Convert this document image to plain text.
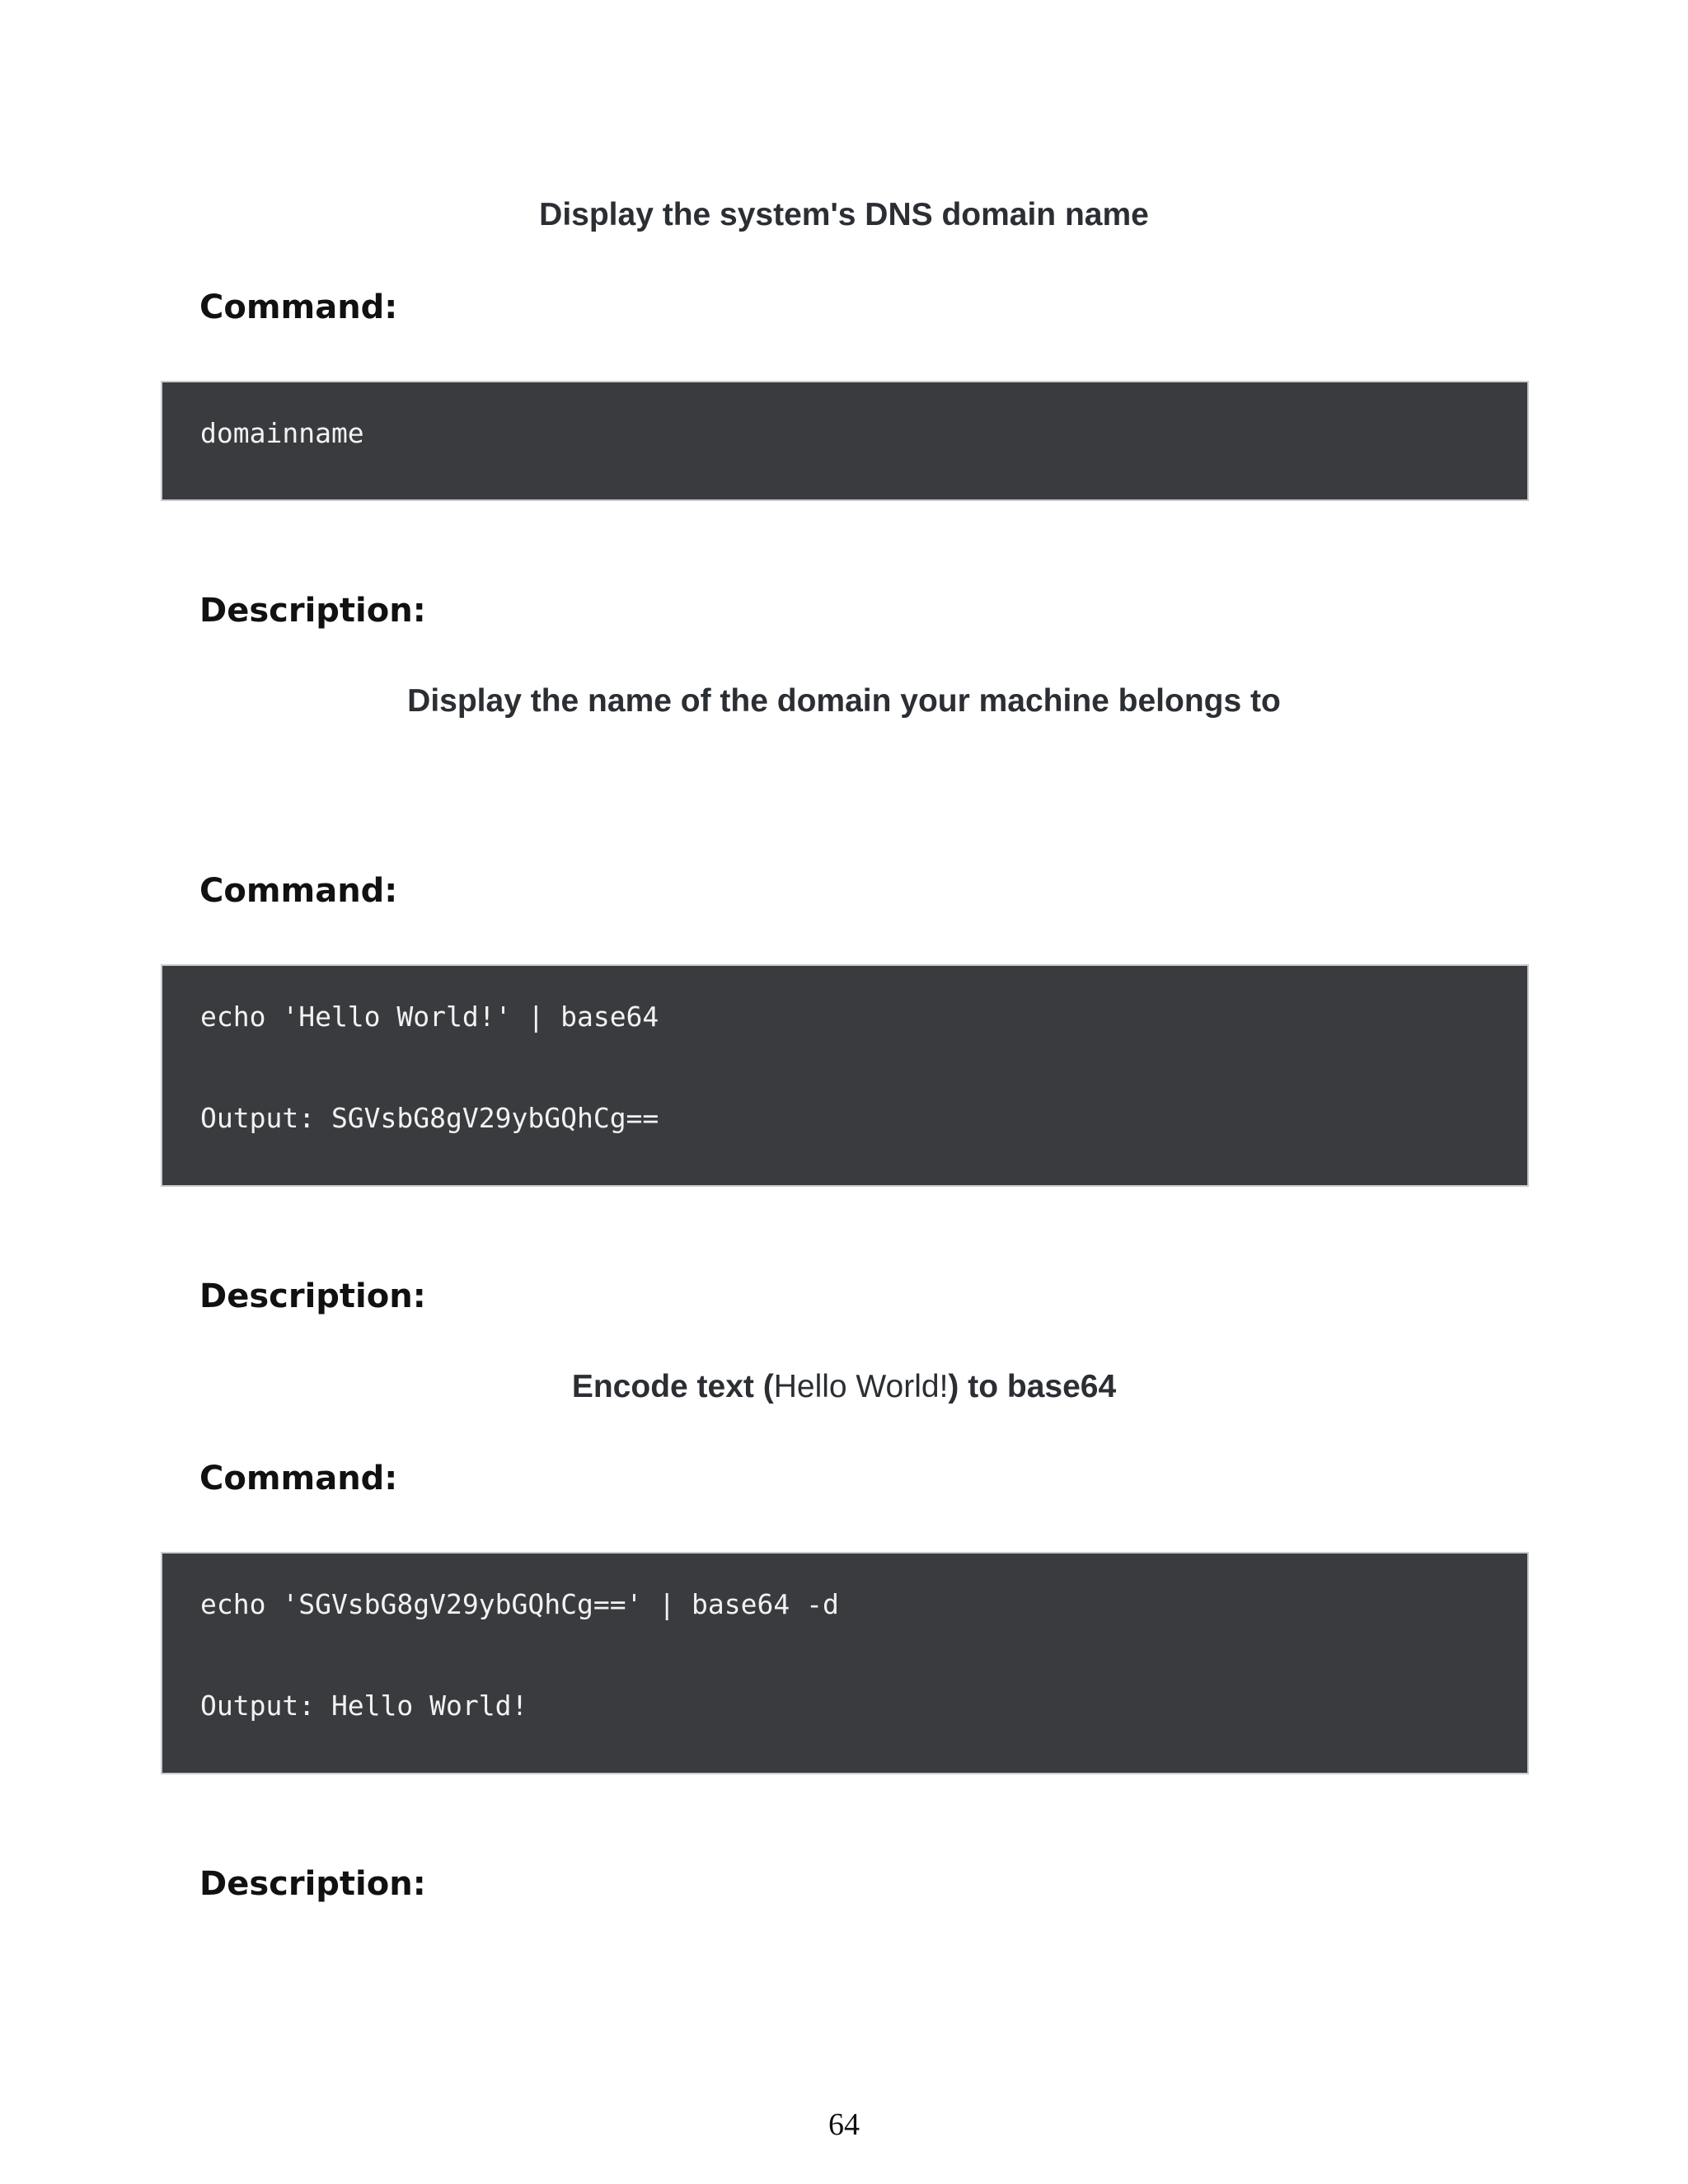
Display the system's DNS domain name
Command:
domainname
Description:
Display the name of the domain your machine belongs to
Command:
echo 'Hello World!' | base64
Output: SGVsbG8gV29ybGQhCg==
Description:
Encode text (Hello World!) to base64
Command:
echo 'SGVsbG8gV29ybGQhCg==' | base64 -d
Output: Hello World!
Description:
64
